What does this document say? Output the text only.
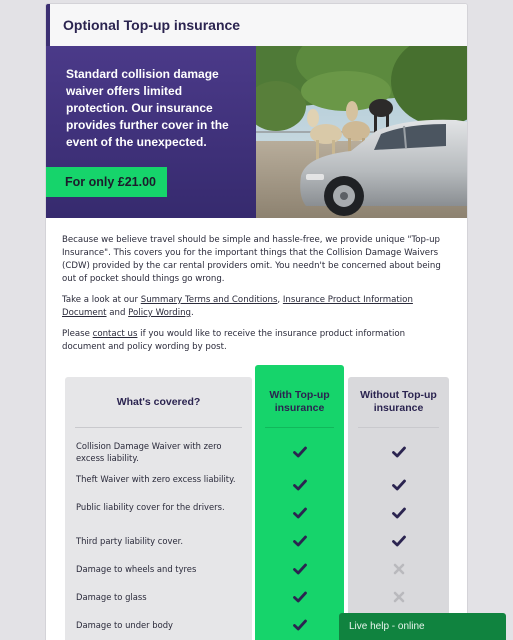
Optional Top-up insurance
Standard collision damage waiver offers limited protection. Our insurance provides further cover in the event of the unexpected.
For only £21.00

Because we believe travel should be simple and hassle-free, we provide unique "Top-up Insurance". This covers you for the important things that the Collision Damage Waivers (CDW) provided by the car rental providers omit. You needn't be concerned about being out of pocket should things go wrong.

Take a look at our Summary Terms and Conditions, Insurance Product Information Document and Policy Wording.

Please contact us if you would like to receive the insurance product information document and policy wording by post.

What's covered?
Collision Damage Waiver with zero excess liability.
Theft Waiver with zero excess liability.
Public liability cover for the drivers.
Third party liability cover.
Damage to wheels and tyres
Damage to glass
Damage to under body
With Top-up insurance
Without Top-up insurance
Live help - online
